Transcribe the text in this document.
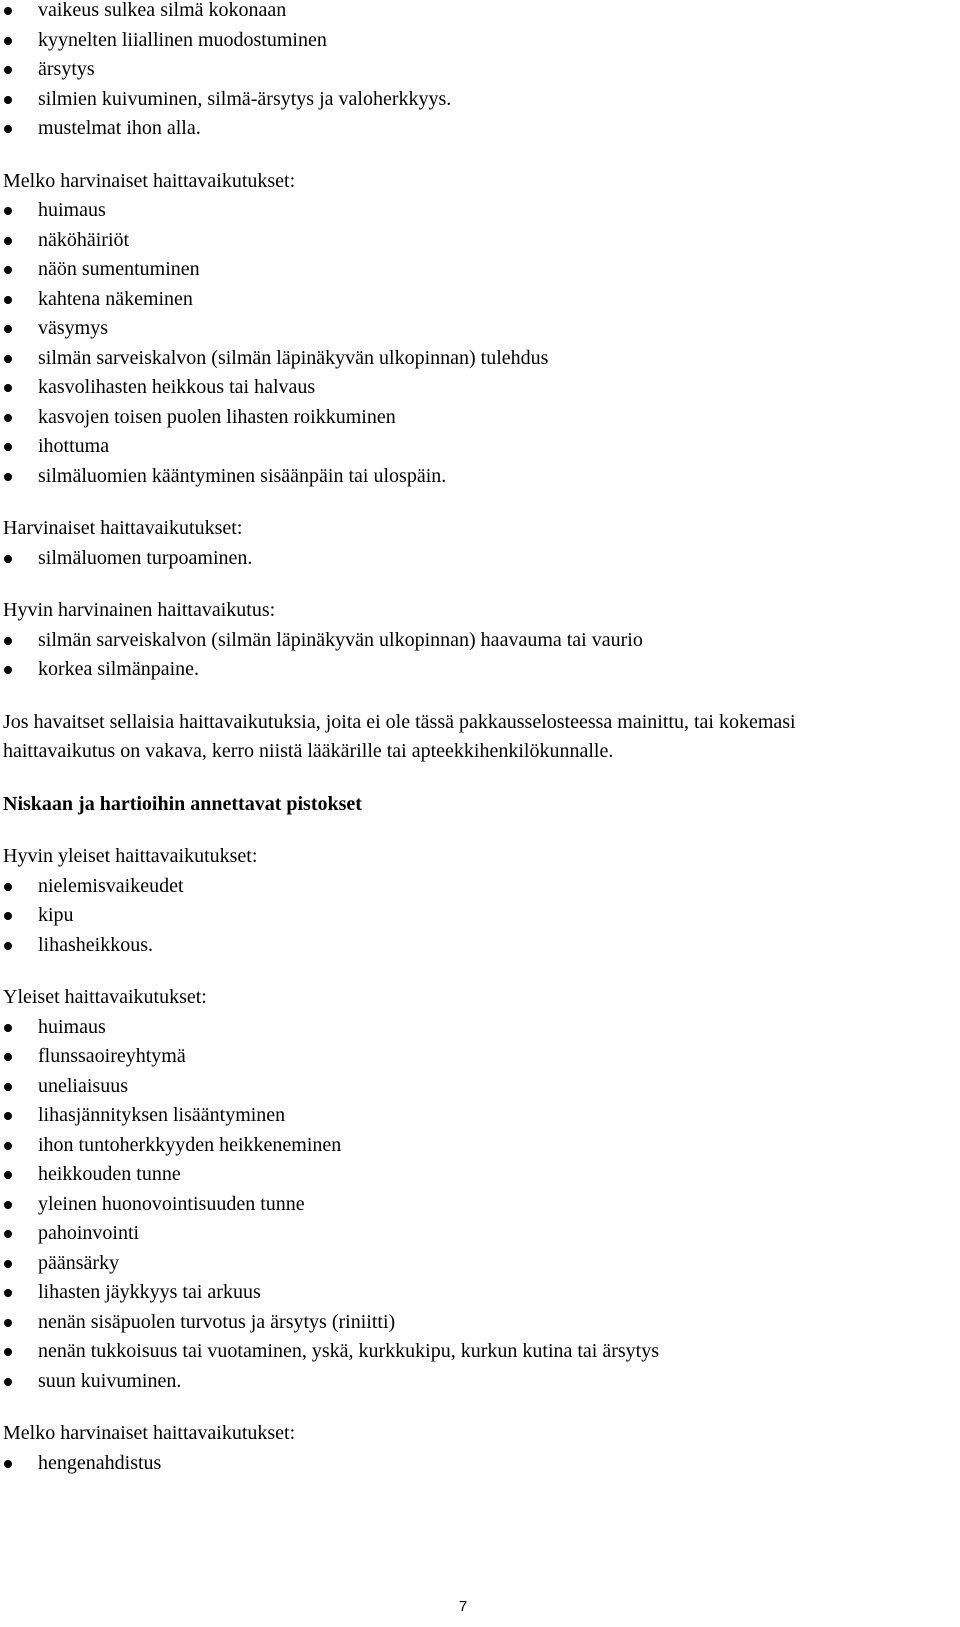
vaikeus sulkea silmä kokonaan
kyynelten liiallinen muodostuminen
ärsytys
silmien kuivuminen, silmä-ärsytys ja valoherkkyys.
mustelmat ihon alla.

Melko harvinaiset haittavaikutukset:

huimaus
näköhäiriöt
näön sumentuminen
kahtena näkeminen
väsymys
silmän sarveiskalvon (silmän läpinäkyvän ulkopinnan) tulehdus
kasvolihasten heikkous tai halvaus
kasvojen toisen puolen lihasten roikkuminen
ihottuma
silmäluomien kääntyminen sisäänpäin tai ulospäin.

Harvinaiset haittavaikutukset:

silmäluomen turpoaminen.

Hyvin harvinainen haittavaikutus:

silmän sarveiskalvon (silmän läpinäkyvän ulkopinnan) haavauma tai vaurio
korkea silmänpaine.

Jos havaitset sellaisia haittavaikutuksia, joita ei ole tässä pakkausselosteessa mainittu, tai kokemasi
haittavaikutus on vakava, kerro niistä lääkärille tai apteekkihenkilökunnalle.

Niskaan ja hartioihin annettavat pistokset

Hyvin yleiset haittavaikutukset:

nielemisvaikeudet
kipu
lihasheikkous.

Yleiset haittavaikutukset:

huimaus
flunssaoireyhtymä
uneliaisuus
lihasjännityksen lisääntyminen
ihon tuntoherkkyyden heikkeneminen
heikkouden tunne
yleinen huonovointisuuden tunne
pahoinvointi
päänsärky
lihasten jäykkyys tai arkuus
nenän sisäpuolen turvotus ja ärsytys (riniitti)
nenän tukkoisuus tai vuotaminen, yskä, kurkkukipu, kurkun kutina tai ärsytys
suun kuivuminen.

Melko harvinaiset haittavaikutukset:

hengenahdistus
7
